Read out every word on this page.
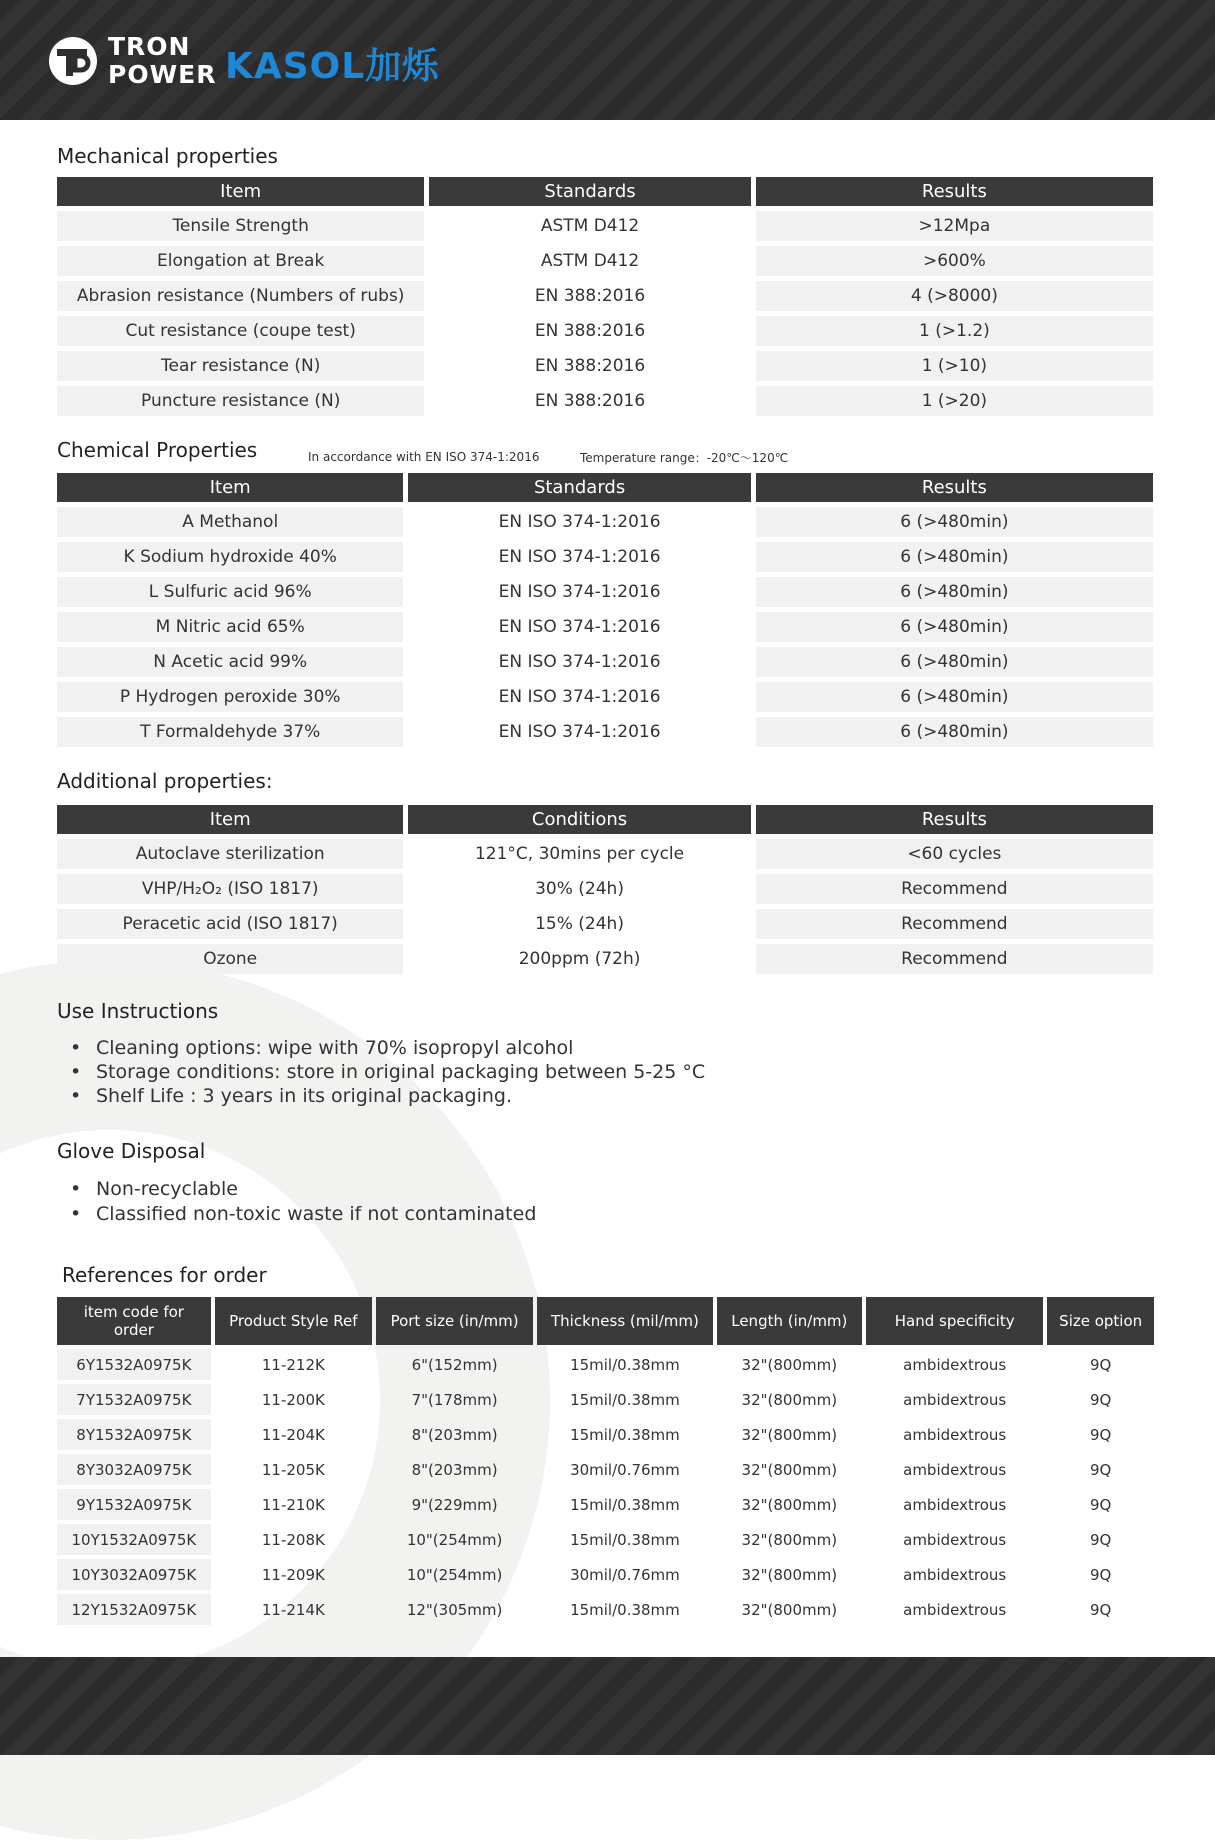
TRON
POWER KASOL加烁
Mechanical properties
Item	Standards	Results
Tensile Strength	ASTM D412	>12Mpa
Elongation at Break	ASTM D412	>600%
Abrasion resistance (Numbers of rubs)	EN 388:2016	4 (>8000)
Cut resistance (coupe test)	EN 388:2016	1 (>1.2)
Tear resistance (N)	EN 388:2016	1 (>10)
Puncture resistance (N)	EN 388:2016	1 (>20)
Chemical Properties	In accordance with EN ISO 374-1:2016	Temperature range：-20℃～120℃
Item	Standards	Results
A Methanol	EN ISO 374-1:2016	6 (>480min)
K Sodium hydroxide 40%	EN ISO 374-1:2016	6 (>480min)
L Sulfuric acid 96%	EN ISO 374-1:2016	6 (>480min)
M Nitric acid 65%	EN ISO 374-1:2016	6 (>480min)
N Acetic acid 99%	EN ISO 374-1:2016	6 (>480min)
P Hydrogen peroxide 30%	EN ISO 374-1:2016	6 (>480min)
T Formaldehyde 37%	EN ISO 374-1:2016	6 (>480min)
Additional properties:
Item	Conditions	Results
Autoclave sterilization	121°C, 30mins per cycle	<60 cycles
VHP/H₂O₂ (ISO 1817)	30% (24h)	Recommend
Peracetic acid (ISO 1817)	15% (24h)	Recommend
Ozone	200ppm (72h)	Recommend
Use Instructions
• Cleaning options: wipe with 70% isopropyl alcohol
• Storage conditions: store in original packaging between 5-25 °C
• Shelf Life : 3 years in its original packaging.
Glove Disposal
• Non-recyclable
• Classified non-toxic waste if not contaminated
References for order
item code for order	Product Style Ref	Port size (in/mm)	Thickness (mil/mm)	Length (in/mm)	Hand specificity	Size option
6Y1532A0975K	11-212K	6"(152mm)	15mil/0.38mm	32"(800mm)	ambidextrous	9Q
7Y1532A0975K	11-200K	7"(178mm)	15mil/0.38mm	32"(800mm)	ambidextrous	9Q
8Y1532A0975K	11-204K	8"(203mm)	15mil/0.38mm	32"(800mm)	ambidextrous	9Q
8Y3032A0975K	11-205K	8"(203mm)	30mil/0.76mm	32"(800mm)	ambidextrous	9Q
9Y1532A0975K	11-210K	9"(229mm)	15mil/0.38mm	32"(800mm)	ambidextrous	9Q
10Y1532A0975K	11-208K	10"(254mm)	15mil/0.38mm	32"(800mm)	ambidextrous	9Q
10Y3032A0975K	11-209K	10"(254mm)	30mil/0.76mm	32"(800mm)	ambidextrous	9Q
12Y1532A0975K	11-214K	12"(305mm)	15mil/0.38mm	32"(800mm)	ambidextrous	9Q
